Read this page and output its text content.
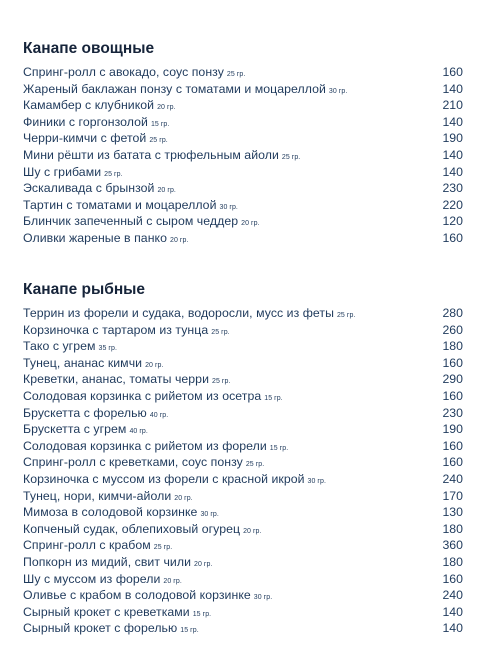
Канапе овощные
Спринг-ролл с авокадо, соус понзу 25 гр.	160
Жареный баклажан понзу с томатами и моцареллой 30 гр.	140
Камамбер с клубникой 20 гр.	210
Финики с горгонзолой 15 гр.	140
Черри-кимчи с фетой 25 гр.	190
Мини рёшти из батата с трюфельным айоли 25 гр.	140
Шу с грибами 25 гр.	140
Эскаливада с брынзой 20 гр.	230
Тартин с томатами и моцареллой 30 гр.	220
Блинчик запеченный с сыром чеддер 20 гр.	120
Оливки жареные в панко 20 гр.	160
Канапе рыбные
Террин из форели и судака, водоросли, мусс из феты 25 гр.	280
Корзиночка с тартаром из тунца 25 гр.	260
Тако с угрем 35 гр.	180
Тунец, ананас кимчи 20 гр.	160
Креветки, ананас, томаты черри 25 гр.	290
Солодовая корзинка с рийетом из осетра 15 гр.	160
Брускетта с форелью 40 гр.	230
Брускетта с угрем 40 гр.	190
Солодовая корзинка с рийетом из форели 15 гр.	160
Спринг-ролл с креветками, соус понзу 25 гр.	160
Корзиночка с муссом из форели с красной икрой 30 гр.	240
Тунец, нори, кимчи-айоли 20 гр.	170
Мимоза в солодовой корзинке 30 гр.	130
Копченый судак, облепиховый огурец 20 гр.	180
Спринг-ролл с крабом 25 гр.	360
Попкорн из мидий, свит чили 20 гр.	180
Шу с муссом из форели 20 гр.	160
Оливье с крабом в солодовой корзинке 30 гр.	240
Сырный крокет с креветками 15 гр.	140
Сырный крокет с форелью 15 гр.	140
